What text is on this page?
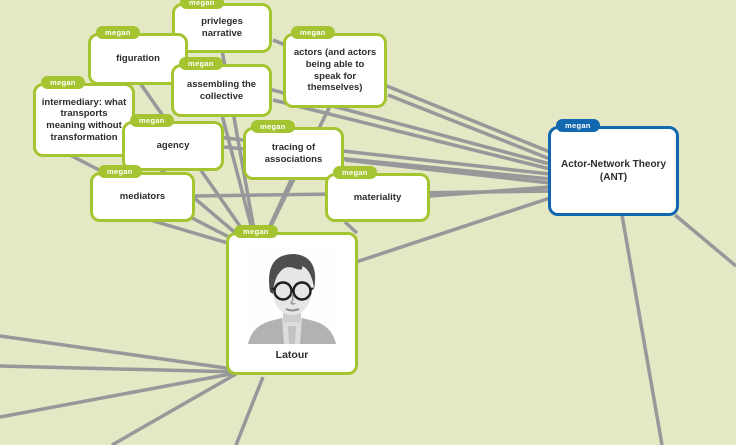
megan
privleges narrative
megan
figuration
megan
actors (and actors being able to speak for themselves)
megan
assembling the collective
megan
intermediary: what transports meaning without transformation
megan
agency
megan
tracing of associations
megan
mediators
megan
materiality
megan
Actor-Network Theory (ANT)
megan
Latour
